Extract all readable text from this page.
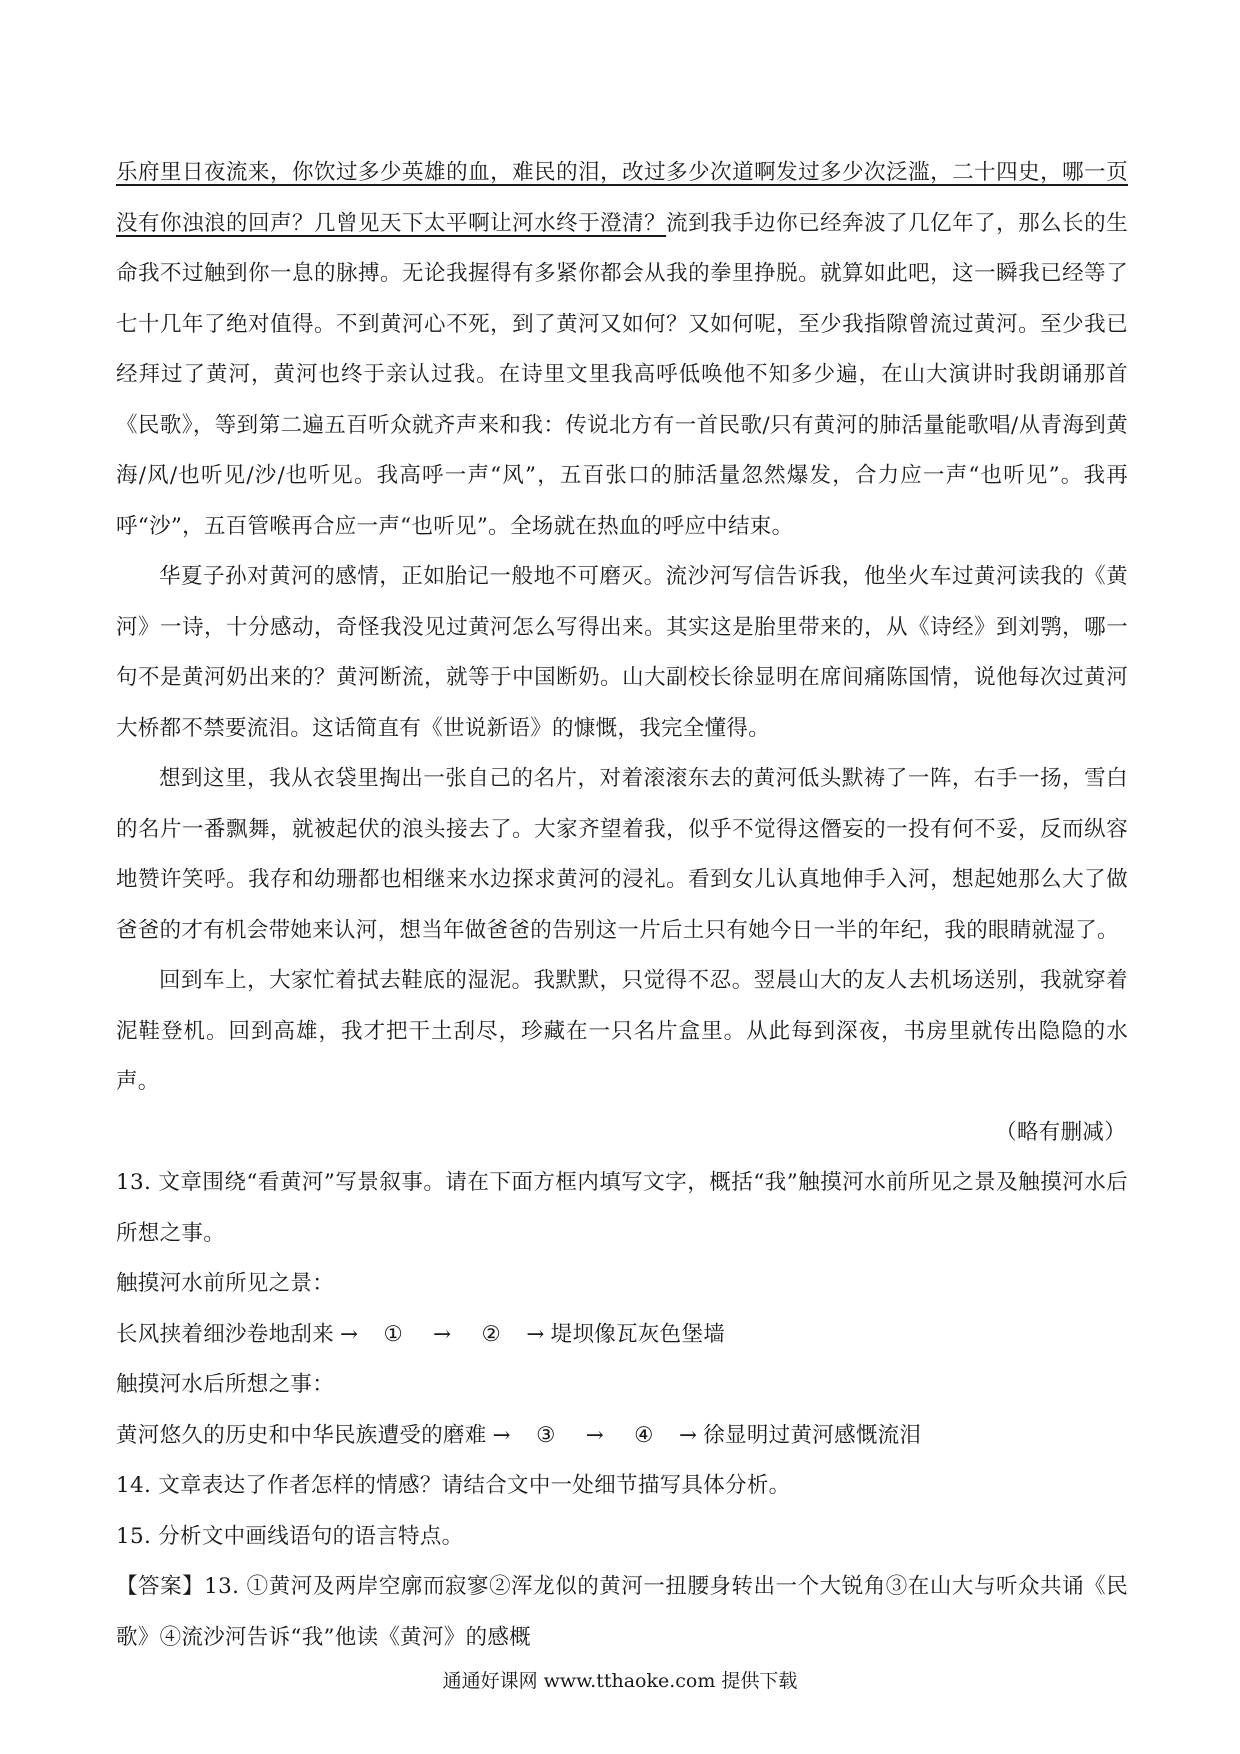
乐府里日夜流来，你饮过多少英雄的血，难民的泪，改过多少次道啊发过多少次泛滥，二十四史，哪一页没有你浊浪的回声？几曾见天下太平啊让河水终于澄清？流到我手边你已经奔波了几亿年了，那么长的生命我不过触到你一息的脉搏。无论我握得有多紧你都会从我的拳里挣脱。就算如此吧，这一瞬我已经等了七十几年了绝对值得。不到黄河心不死，到了黄河又如何？又如何呢，至少我指隙曾流过黄河。至少我已经拜过了黄河，黄河也终于亲认过我。在诗里文里我高呼低唤他不知多少遍，在山大演讲时我朗诵那首《民歌》，等到第二遍五百听众就齐声来和我：传说北方有一首民歌/只有黄河的肺活量能歌唱/从青海到黄海/风/也听见/沙/也听见。我高呼一声“风”，五百张口的肺活量忽然爆发，合力应一声“也听见”。我再呼“沙”，五百管喉再合应一声“也听见”。全场就在热血的呼应中结束。

华夏子孙对黄河的感情，正如胎记一般地不可磨灭。流沙河写信告诉我，他坐火车过黄河读我的《黄河》一诗，十分感动，奇怪我没见过黄河怎么写得出来。其实这是胎里带来的，从《诗经》到刘鹗，哪一句不是黄河奶出来的？黄河断流，就等于中国断奶。山大副校长徐显明在席间痛陈国情，说他每次过黄河大桥都不禁要流泪。这话简直有《世说新语》的慷慨，我完全懂得。

想到这里，我从衣袋里掏出一张自己的名片，对着滚滚东去的黄河低头默祷了一阵，右手一扬，雪白的名片一番飘舞，就被起伏的浪头接去了。大家齐望着我，似乎不觉得这僭妄的一投有何不妥，反而纵容地赞许笑呼。我存和幼珊都也相继来水边探求黄河的浸礼。看到女儿认真地伸手入河，想起她那么大了做爸爸的才有机会带她来认河，想当年做爸爸的告别这一片后土只有她今日一半的年纪，我的眼睛就湿了。

回到车上，大家忙着拭去鞋底的湿泥。我默默，只觉得不忍。翌晨山大的友人去机场送别，我就穿着泥鞋登机。回到高雄，我才把干土刮尽，珍藏在一只名片盒里。从此每到深夜，书房里就传出隐隐的水声。

（略有删减）

13. 文章围绕“看黄河”写景叙事。请在下面方框内填写文字，概括“我”触摸河水前所见之景及触摸河水后所想之事。

触摸河水前所见之景：

长风挟着细沙卷地刮来 → ① → ② → 堤坝像瓦灰色堡墙

触摸河水后所想之事：

黄河悠久的历史和中华民族遭受的磨难 → ③ → ④ → 徐显明过黄河感慨流泪

14. 文章表达了作者怎样的情感？请结合文中一处细节描写具体分析。

15. 分析文中画线语句的语言特点。

【答案】13. ①黄河及两岸空廓而寂寥②浑龙似的黄河一扭腰身转出一个大锐角③在山大与听众共诵《民歌》④流沙河告诉“我”他读《黄河》的感概

通通好课网 www.tthaoke.com 提供下载
